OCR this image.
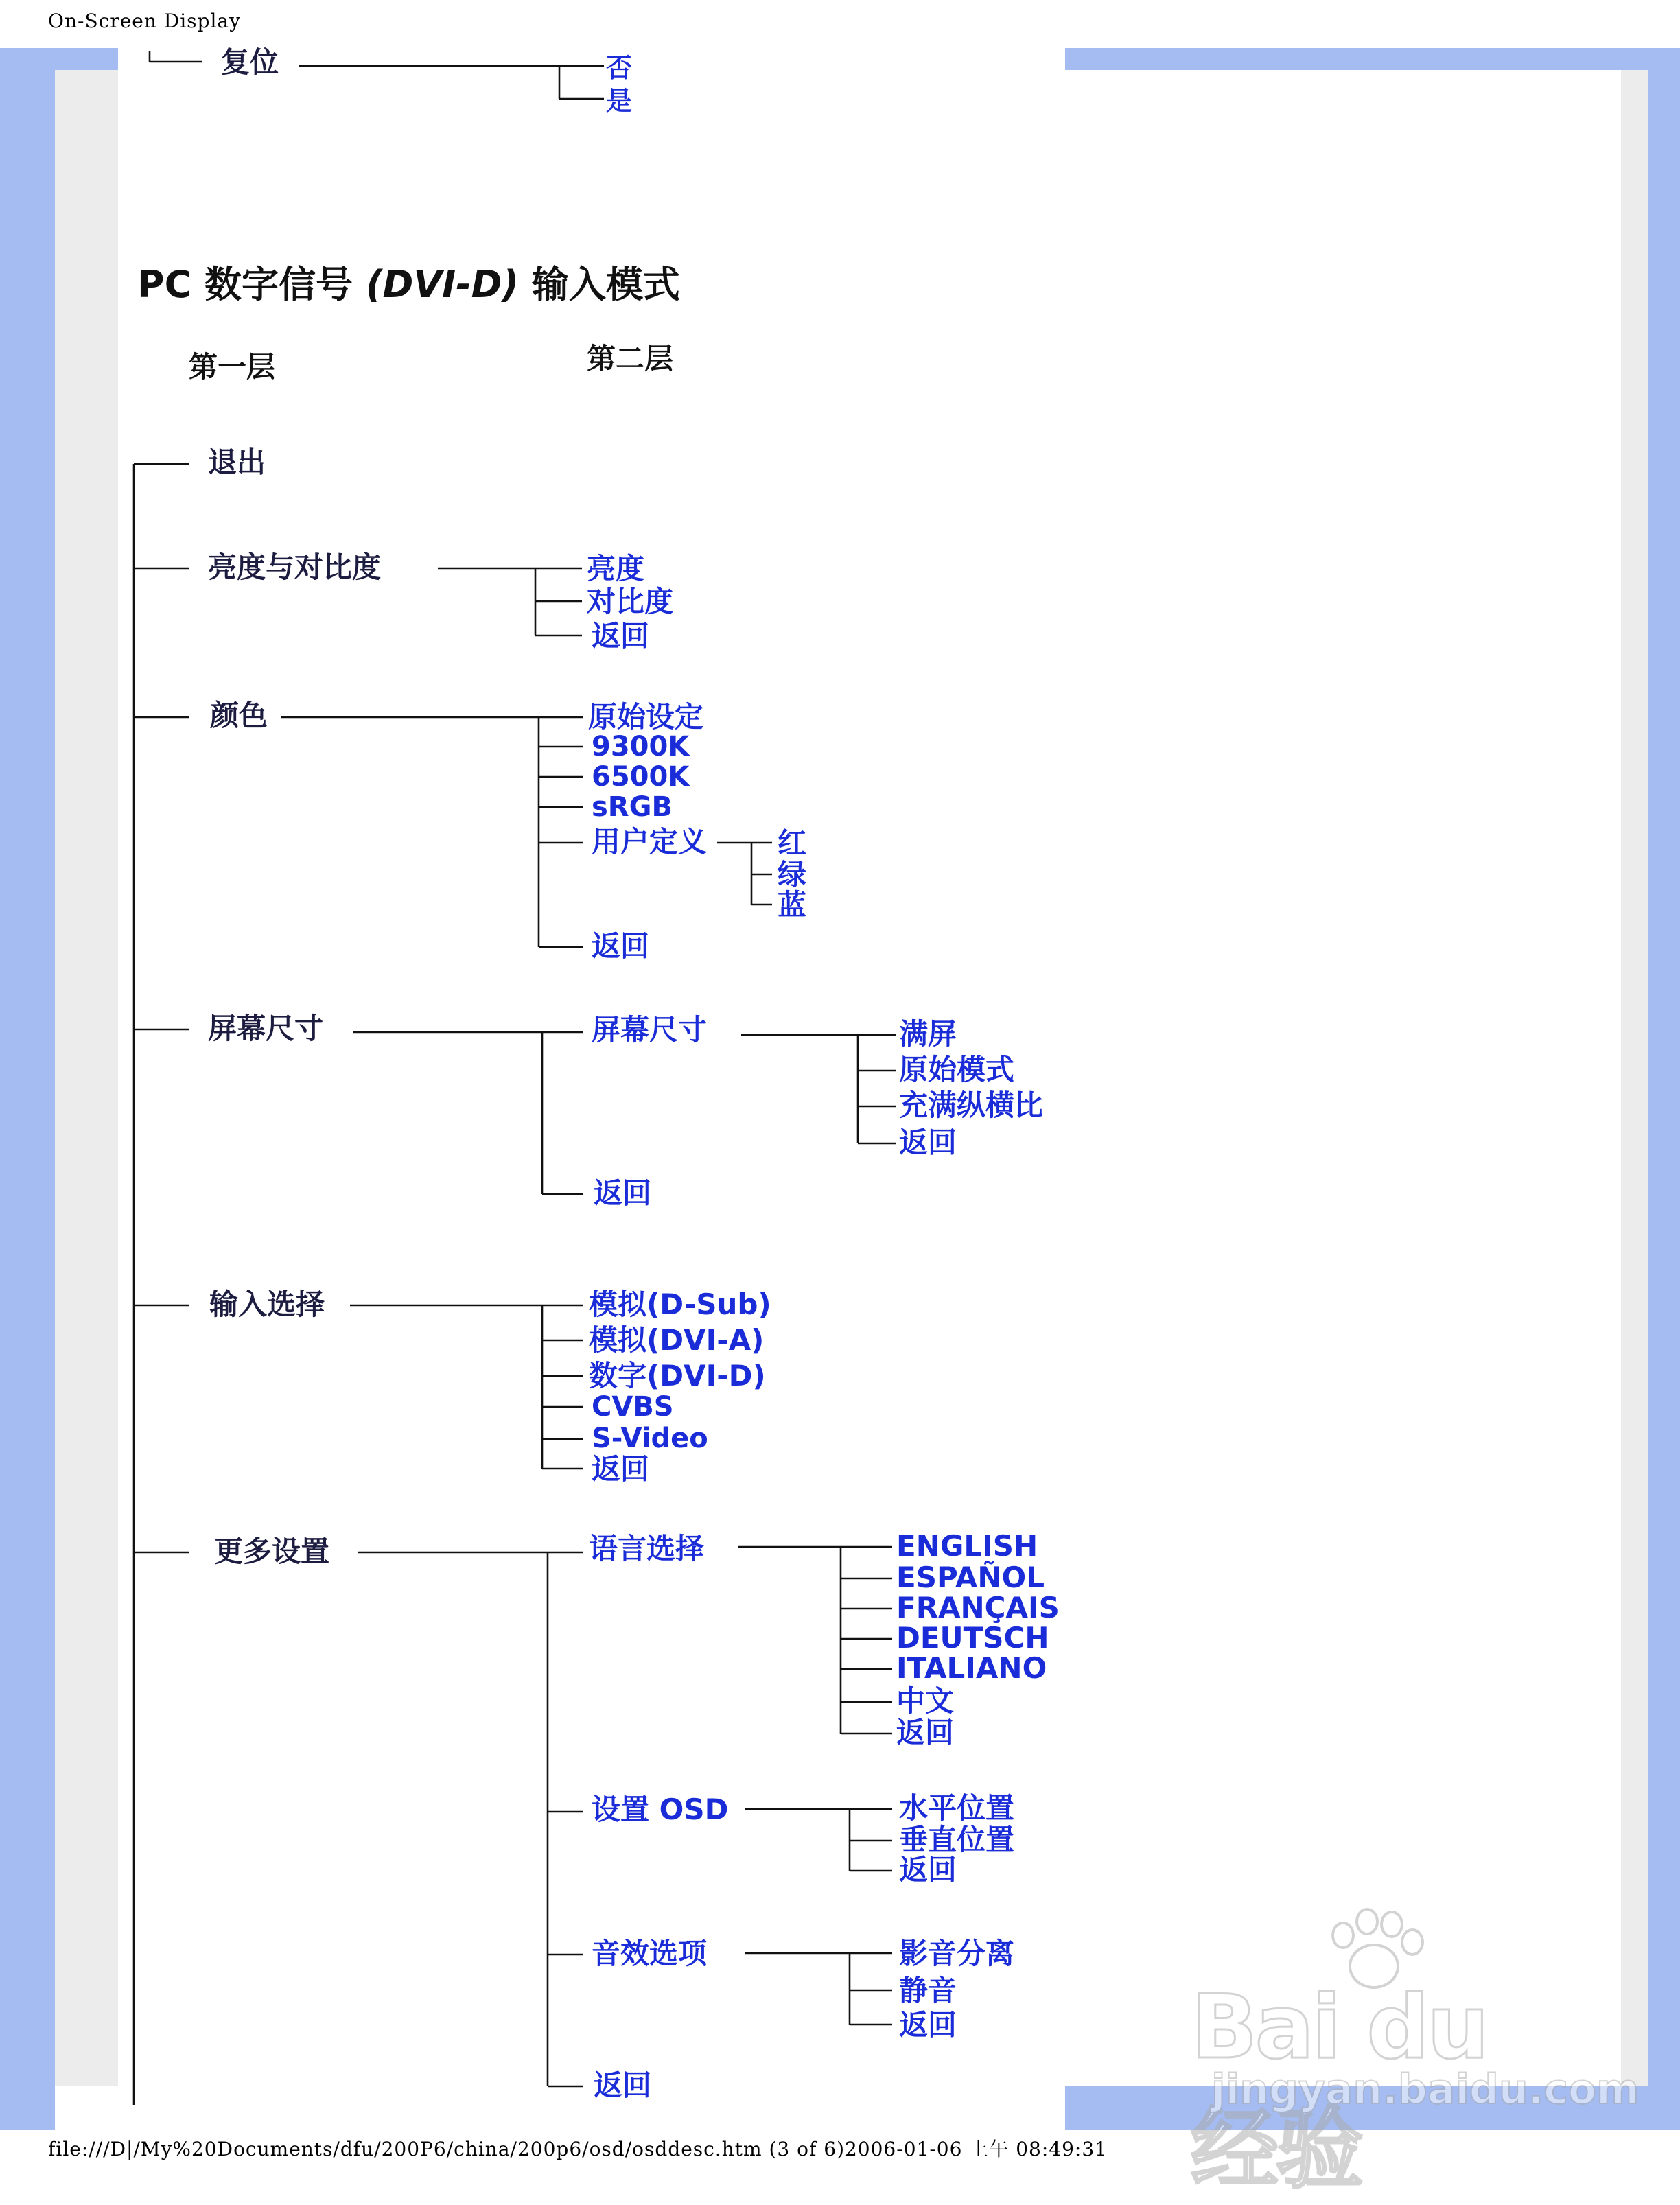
On-Screen Display
file:///D|/My%20Documents/dfu/200P6/china/200p6/osd/osddesc.htm (3 of 6)2006-01-06 上午 08:49:31
复位	否
是
PC 数字信号 (DVI-D) 输入模式
第一层	第二层
退出
亮度与对比度
颜色
屏幕尺寸
输入选择
更多设置
亮度
对比度
返回
原始设定
9300K
6500K
sRGB
用户定义
返回
红
绿
蓝
屏幕尺寸
返回
满屏
原始模式
充满纵横比
返回
模拟(D-Sub)
模拟(DVI-A)
数字(DVI-D)
CVBS
S-Video
返回
语言选择
设置 OSD
音效选项
返回
ENGLISH
ESPAÑOL
FRANÇAIS
DEUTSCH
ITALIANO
中文
返回
水平位置
垂直位置
返回
影音分离
静音
返回	Bai du 经验
jingyan.baidu.com
